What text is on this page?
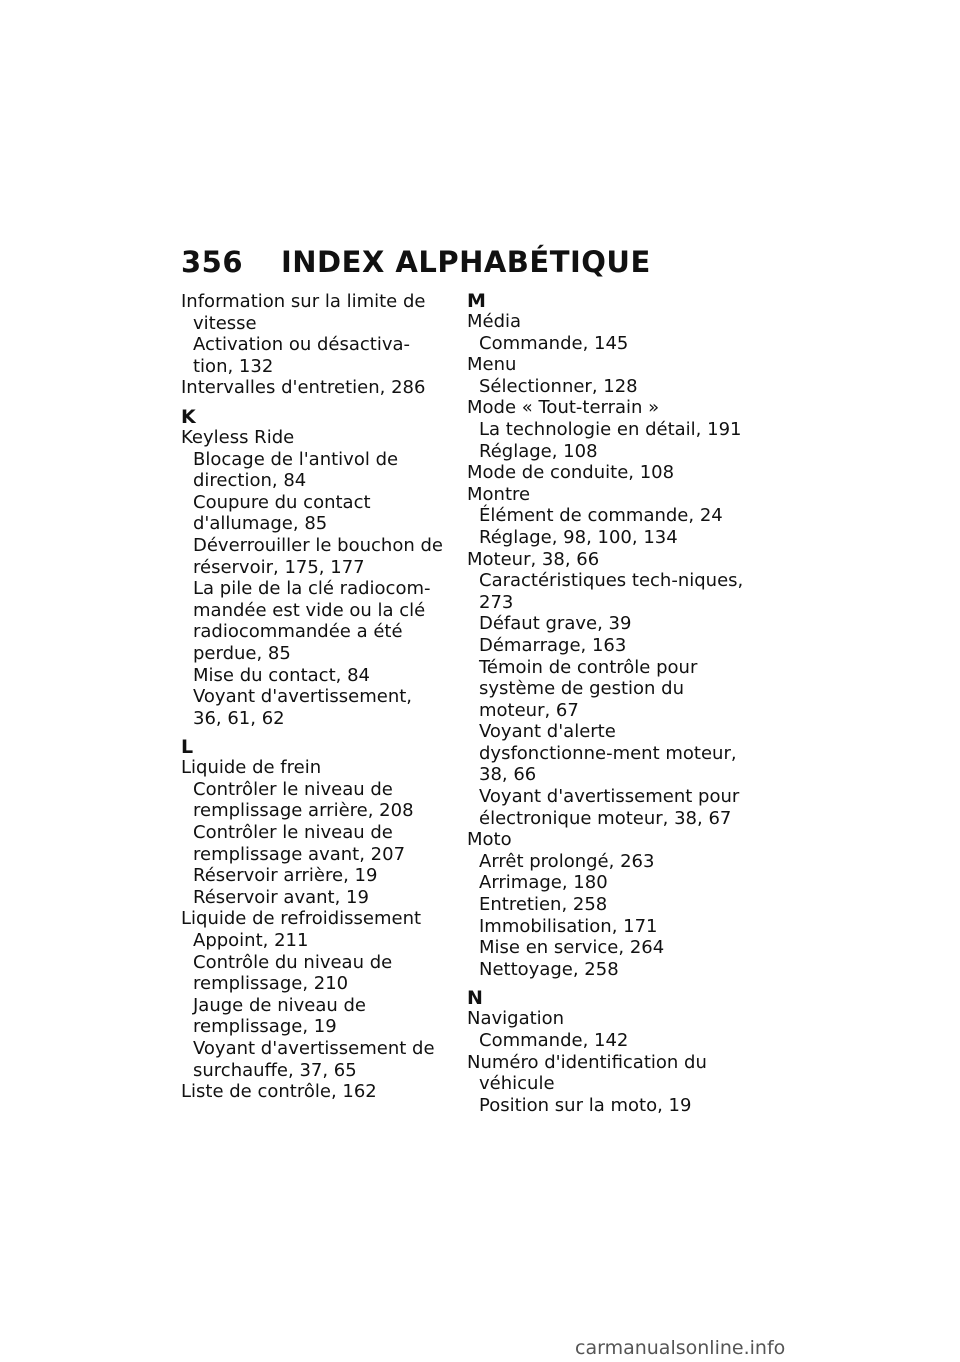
356 INDEX ALPHABÉTIQUE
Information sur la limite de vitesse
Activation ou désactiva-tion, 132
Intervalles d'entretien, 286
K
Keyless Ride
Blocage de l'antivol de direction, 84
Coupure du contact d'allumage, 85
Déverrouiller le bouchon de réservoir, 175, 177
La pile de la clé radiocom-mandée est vide ou la clé radiocommandée a été perdue, 85
Mise du contact, 84
Voyant d'avertissement, 36, 61, 62
L
Liquide de frein
Contrôler le niveau de remplissage arrière, 208
Contrôler le niveau de remplissage avant, 207
Réservoir arrière, 19
Réservoir avant, 19
Liquide de refroidissement
Appoint, 211
Contrôle du niveau de remplissage, 210
Jauge de niveau de remplissage, 19
Voyant d'avertissement de surchauffe, 37, 65
Liste de contrôle, 162
M
Média
Commande, 145
Menu
Sélectionner, 128
Mode « Tout-terrain »
La technologie en détail, 191
Réglage, 108
Mode de conduite, 108
Montre
Élément de commande, 24
Réglage, 98, 100, 134
Moteur, 38, 66
Caractéristiques tech-niques, 273
Défaut grave, 39
Démarrage, 163
Témoin de contrôle pour système de gestion du moteur, 67
Voyant d'alerte dysfonctionne-ment moteur, 38, 66
Voyant d'avertissement pour électronique moteur, 38, 67
Moto
Arrêt prolongé, 263
Arrimage, 180
Entretien, 258
Immobilisation, 171
Mise en service, 264
Nettoyage, 258
N
Navigation
Commande, 142
Numéro d'identification du véhicule
Position sur la moto, 19
carmanualsonline.info
